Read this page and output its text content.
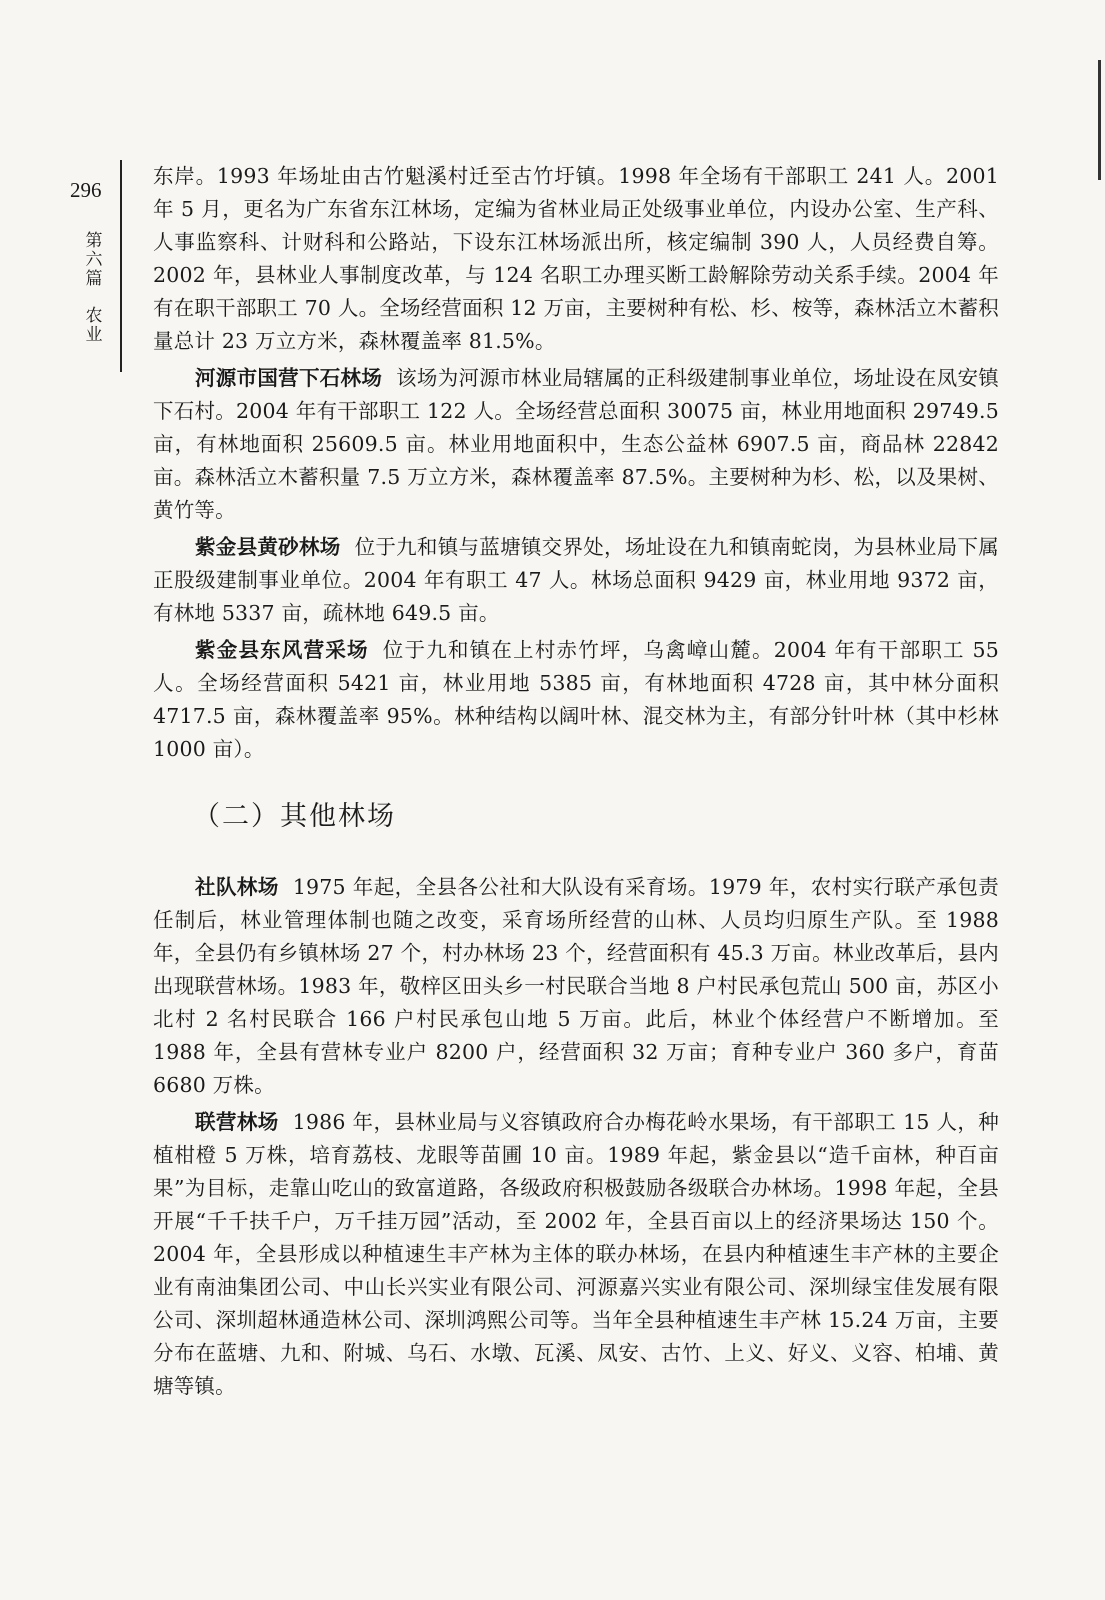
296
第六篇
农业

东岸。1993 年场址由古竹魁溪村迁至古竹圩镇。1998 年全场有干部职工 241 人。2001 年 5 月，更名为广东省东江林场，定编为省林业局正处级事业单位，内设办公室、生产科、人事监察科、计财科和公路站，下设东江林场派出所，核定编制 390 人，人员经费自筹。2002 年，县林业人事制度改革，与 124 名职工办理买断工龄解除劳动关系手续。2004 年有在职干部职工 70 人。全场经营面积 12 万亩，主要树种有松、杉、桉等，森林活立木蓄积量总计 23 万立方米，森林覆盖率 81.5%。

河源市国营下石林场 该场为河源市林业局辖属的正科级建制事业单位，场址设在凤安镇下石村。2004 年有干部职工 122 人。全场经营总面积 30075 亩，林业用地面积 29749.5 亩，有林地面积 25609.5 亩。林业用地面积中，生态公益林 6907.5 亩，商品林 22842 亩。森林活立木蓄积量 7.5 万立方米，森林覆盖率 87.5%。主要树种为杉、松，以及果树、黄竹等。

紫金县黄砂林场 位于九和镇与蓝塘镇交界处，场址设在九和镇南蛇岗，为县林业局下属正股级建制事业单位。2004 年有职工 47 人。林场总面积 9429 亩，林业用地 9372 亩，有林地 5337 亩，疏林地 649.5 亩。

紫金县东风营采场 位于九和镇在上村赤竹坪，乌禽嶂山麓。2004 年有干部职工 55 人。全场经营面积 5421 亩，林业用地 5385 亩，有林地面积 4728 亩，其中林分面积 4717.5 亩，森林覆盖率 95%。林种结构以阔叶林、混交林为主，有部分针叶林（其中杉林 1000 亩）。

（二）其他林场

社队林场 1975 年起，全县各公社和大队设有采育场。1979 年，农村实行联产承包责任制后，林业管理体制也随之改变，采育场所经营的山林、人员均归原生产队。至 1988 年，全县仍有乡镇林场 27 个，村办林场 23 个，经营面积有 45.3 万亩。林业改革后，县内出现联营林场。1983 年，敬梓区田头乡一村民联合当地 8 户村民承包荒山 500 亩，苏区小北村 2 名村民联合 166 户村民承包山地 5 万亩。此后，林业个体经营户不断增加。至 1988 年，全县有营林专业户 8200 户，经营面积 32 万亩；育种专业户 360 多户，育苗 6680 万株。

联营林场 1986 年，县林业局与义容镇政府合办梅花岭水果场，有干部职工 15 人，种植柑橙 5 万株，培育荔枝、龙眼等苗圃 10 亩。1989 年起，紫金县以“造千亩林，种百亩果”为目标，走靠山吃山的致富道路，各级政府积极鼓励各级联合办林场。1998 年起，全县开展“千千扶千户，万千挂万园”活动，至 2002 年，全县百亩以上的经济果场达 150 个。2004 年，全县形成以种植速生丰产林为主体的联办林场，在县内种植速生丰产林的主要企业有南油集团公司、中山长兴实业有限公司、河源嘉兴实业有限公司、深圳绿宝佳发展有限公司、深圳超林通造林公司、深圳鸿熙公司等。当年全县种植速生丰产林 15.24 万亩，主要分布在蓝塘、九和、附城、乌石、水墩、瓦溪、凤安、古竹、上义、好义、义容、柏埔、黄塘等镇。
